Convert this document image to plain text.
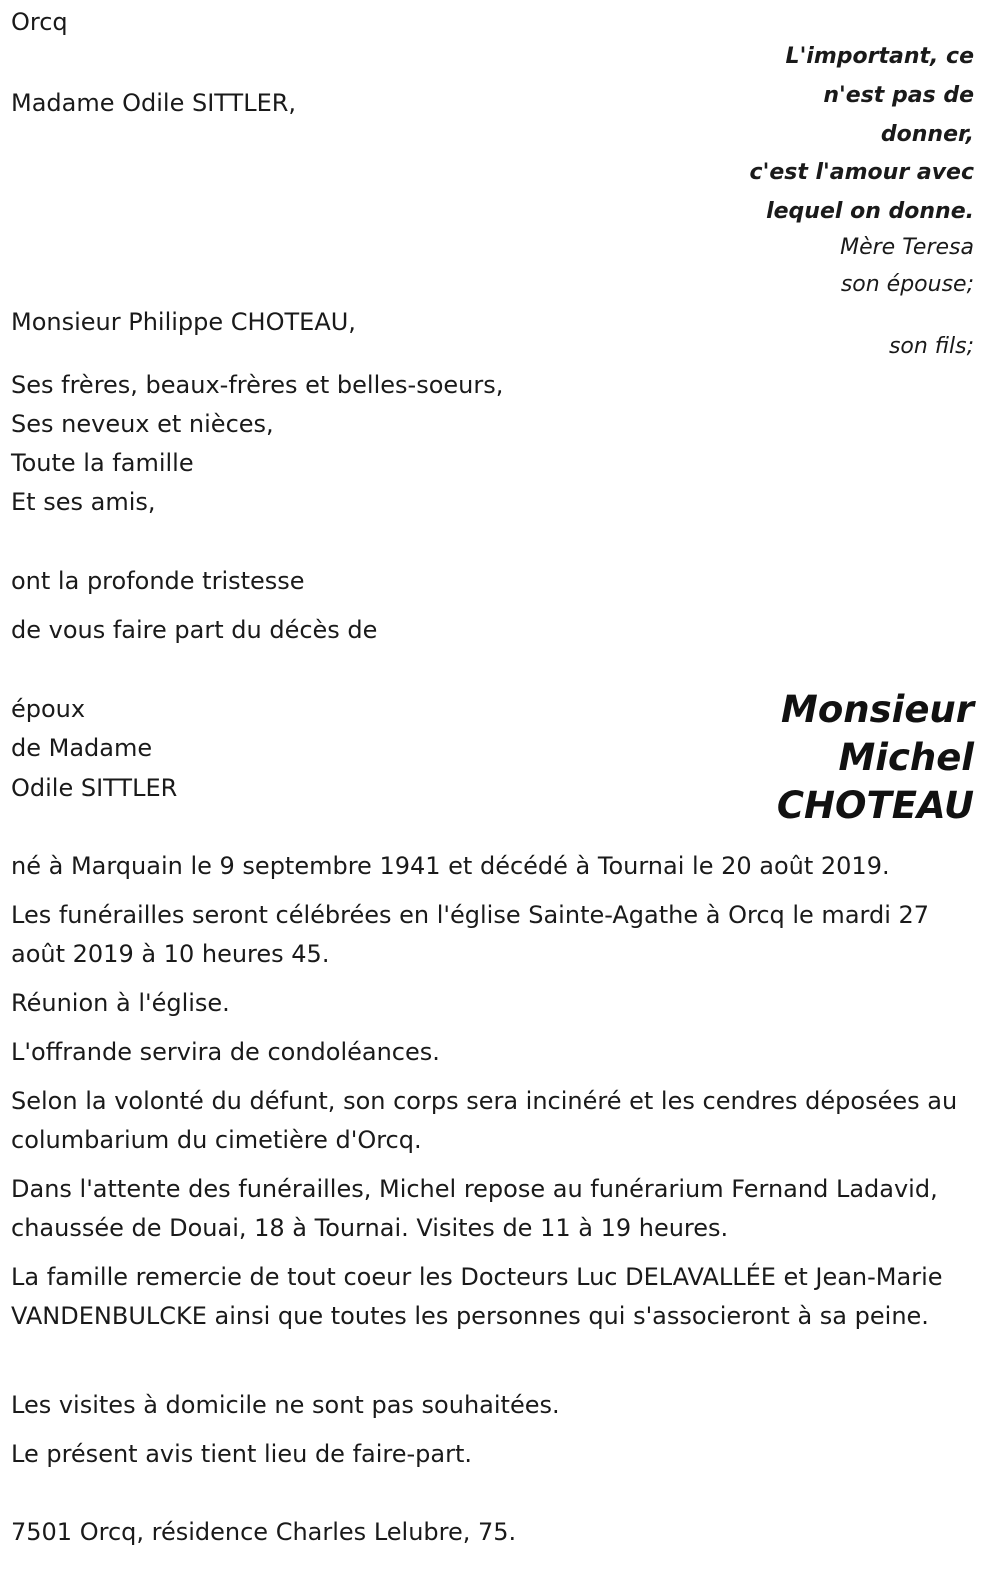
Orcq
L'important, ce
n'est pas de
donner,
c'est l'amour avec
lequel on donne.
Mère Teresa
Madame Odile SITTLER,
son épouse;
Monsieur Philippe CHOTEAU,
son fils;
Ses frères, beaux-frères et belles-soeurs,
Ses neveux et nièces,
Toute la famille
Et ses amis,
ont la profonde tristesse
de vous faire part du décès de
époux
de Madame
Odile SITTLER
Monsieur
Michel
CHOTEAU
né à Marquain le 9 septembre 1941 et décédé à Tournai le 20 août 2019.
Les funérailles seront célébrées en l'église Sainte-Agathe à Orcq le mardi 27 août 2019 à 10 heures 45.
Réunion à l'église.
L'offrande servira de condoléances.
Selon la volonté du défunt, son corps sera incinéré et les cendres déposées au columbarium du cimetière d'Orcq.
Dans l'attente des funérailles, Michel repose au funérarium Fernand Ladavid, chaussée de Douai, 18 à Tournai. Visites de 11 à 19 heures.
La famille remercie de tout coeur les Docteurs Luc DELAVALLÉE et Jean-Marie VANDENBULCKE ainsi que toutes les personnes qui s'associeront à sa peine.
Les visites à domicile ne sont pas souhaitées.
Le présent avis tient lieu de faire-part.
7501 Orcq, résidence Charles Lelubre, 75.
